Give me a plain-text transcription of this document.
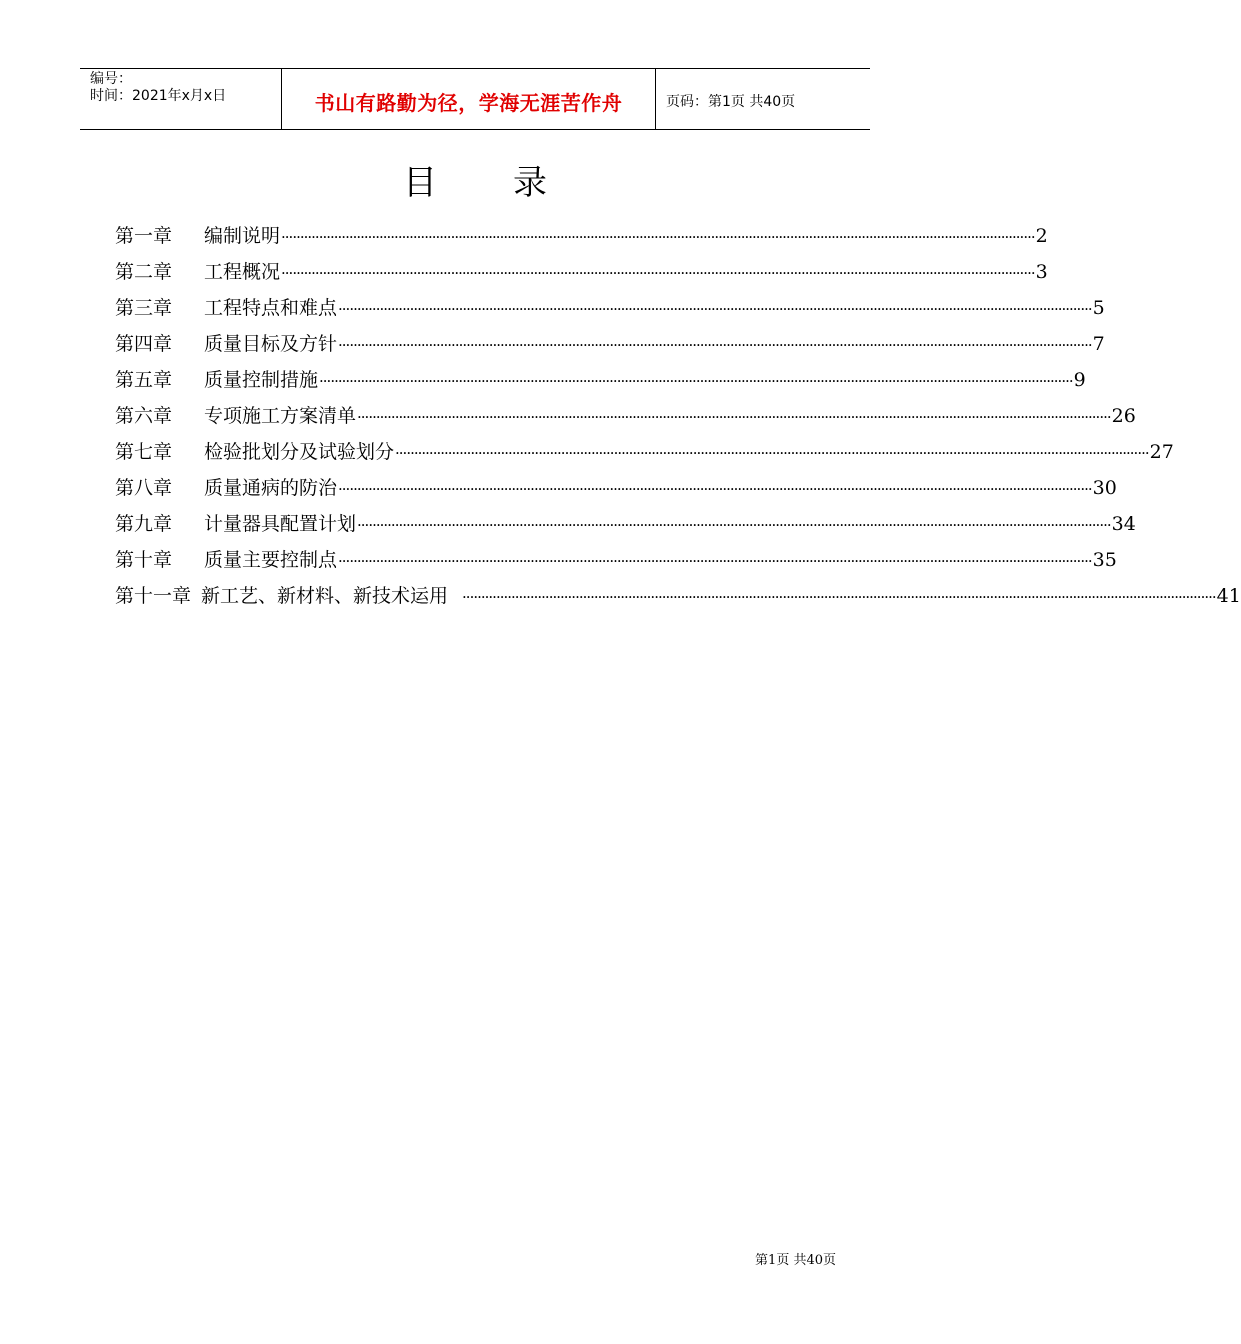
编号：
时间：2021年x月x日	书山有路勤为径，学海无涯苦作舟	页码：第1页 共40页
目 录
第一章	编制说明 ········································································································································································································ 2
第二章	工程概况 ········································································································································································································ 3
第三章	工程特点和难点 ········································································································································································································ 5
第四章	质量目标及方针 ········································································································································································································ 7
第五章	质量控制措施 ········································································································································································································ 9
第六章	专项施工方案清单 ········································································································································································································ 26
第七章	检验批划分及试验划分 ········································································································································································································ 27
第八章	质量通病的防治 ········································································································································································································ 30
第九章	计量器具配置计划 ········································································································································································································ 34
第十章	质量主要控制点 ········································································································································································································ 35
第十一章 新工艺、新材料、新技术运用 ········································································································································································································ 41
第1页 共40页
